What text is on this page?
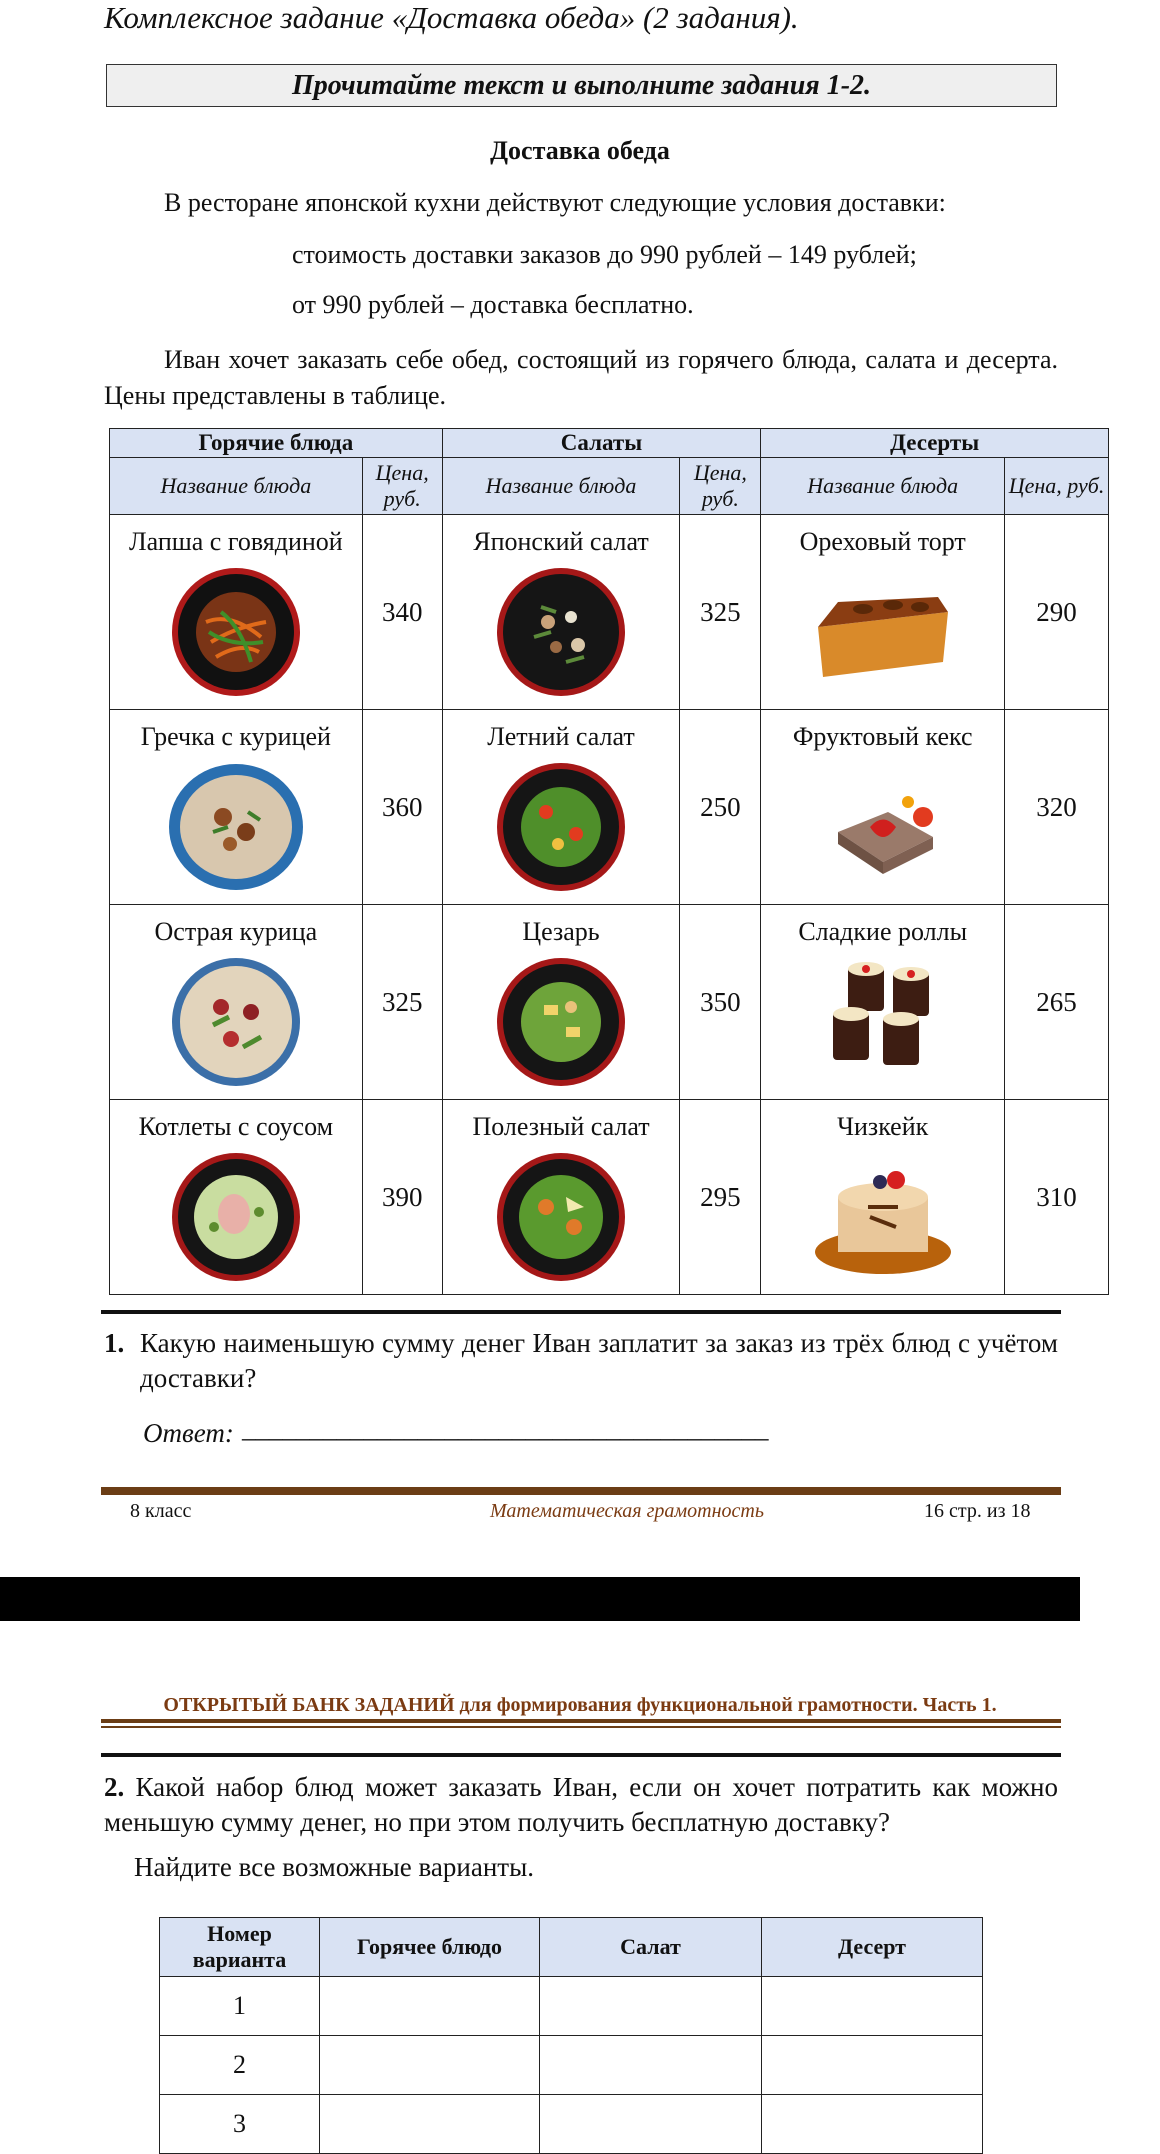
Комплексное задание «Доставка обеда» (2 задания).
Прочитайте текст и выполните задания 1-2.
Доставка обеда
В ресторане японской кухни действуют следующие условия доставки:
стоимость доставки заказов до 990 рублей – 149 рублей;
от 990 рублей – доставка бесплатно.
Иван хочет заказать себе обед, состоящий из горячего блюда, салата и десерта. Цены представлены в таблице.
Горячие блюда		Салаты		Десерты	
Название блюда	Цена, руб.	Название блюда	Цена, руб.	Название блюда	Цена, руб.
Лапша с говядиной	340	Японский салат	325	Ореховый торт	290
Гречка с курицей	360	Летний салат	250	Фруктовый кекс	320
Острая курица	325	Цезарь	350	Сладкие роллы	265
Котлеты с соусом	390	Полезный салат	295	Чизкейк	310
1. Какую наименьшую сумму денег Иван заплатит за заказ из трёх блюд с учётом доставки?
Ответ: _______________________________________
8 класс	Математическая грамотность	16 стр. из 18
ОТКРЫТЫЙ БАНК ЗАДАНИЙ для формирования функциональной грамотности. Часть 1.
2. Какой набор блюд может заказать Иван, если он хочет потратить как можно меньшую сумму денег, но при этом получить бесплатную доставку?
Найдите все возможные варианты.
Номер варианта	Горячее блюдо	Салат	Десерт
1			
2			
3			
